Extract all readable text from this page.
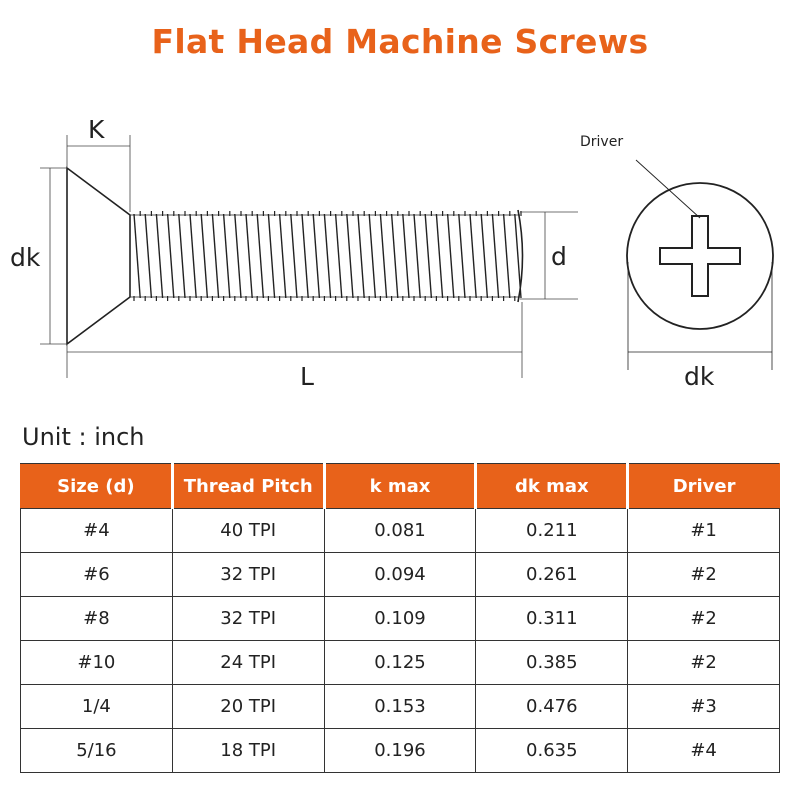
Flat Head Machine Screws
K
dk	d
L
Driver
dk
Unit : inch
Size (d)	Thread Pitch	k max	dk max	Driver
#4	40 TPI	0.081	0.211	#1
#6	32 TPI	0.094	0.261	#2
#8	32 TPI	0.109	0.311	#2
#10	24 TPI	0.125	0.385	#2
1/4	20 TPI	0.153	0.476	#3
5/16	18 TPI	0.196	0.635	#4
